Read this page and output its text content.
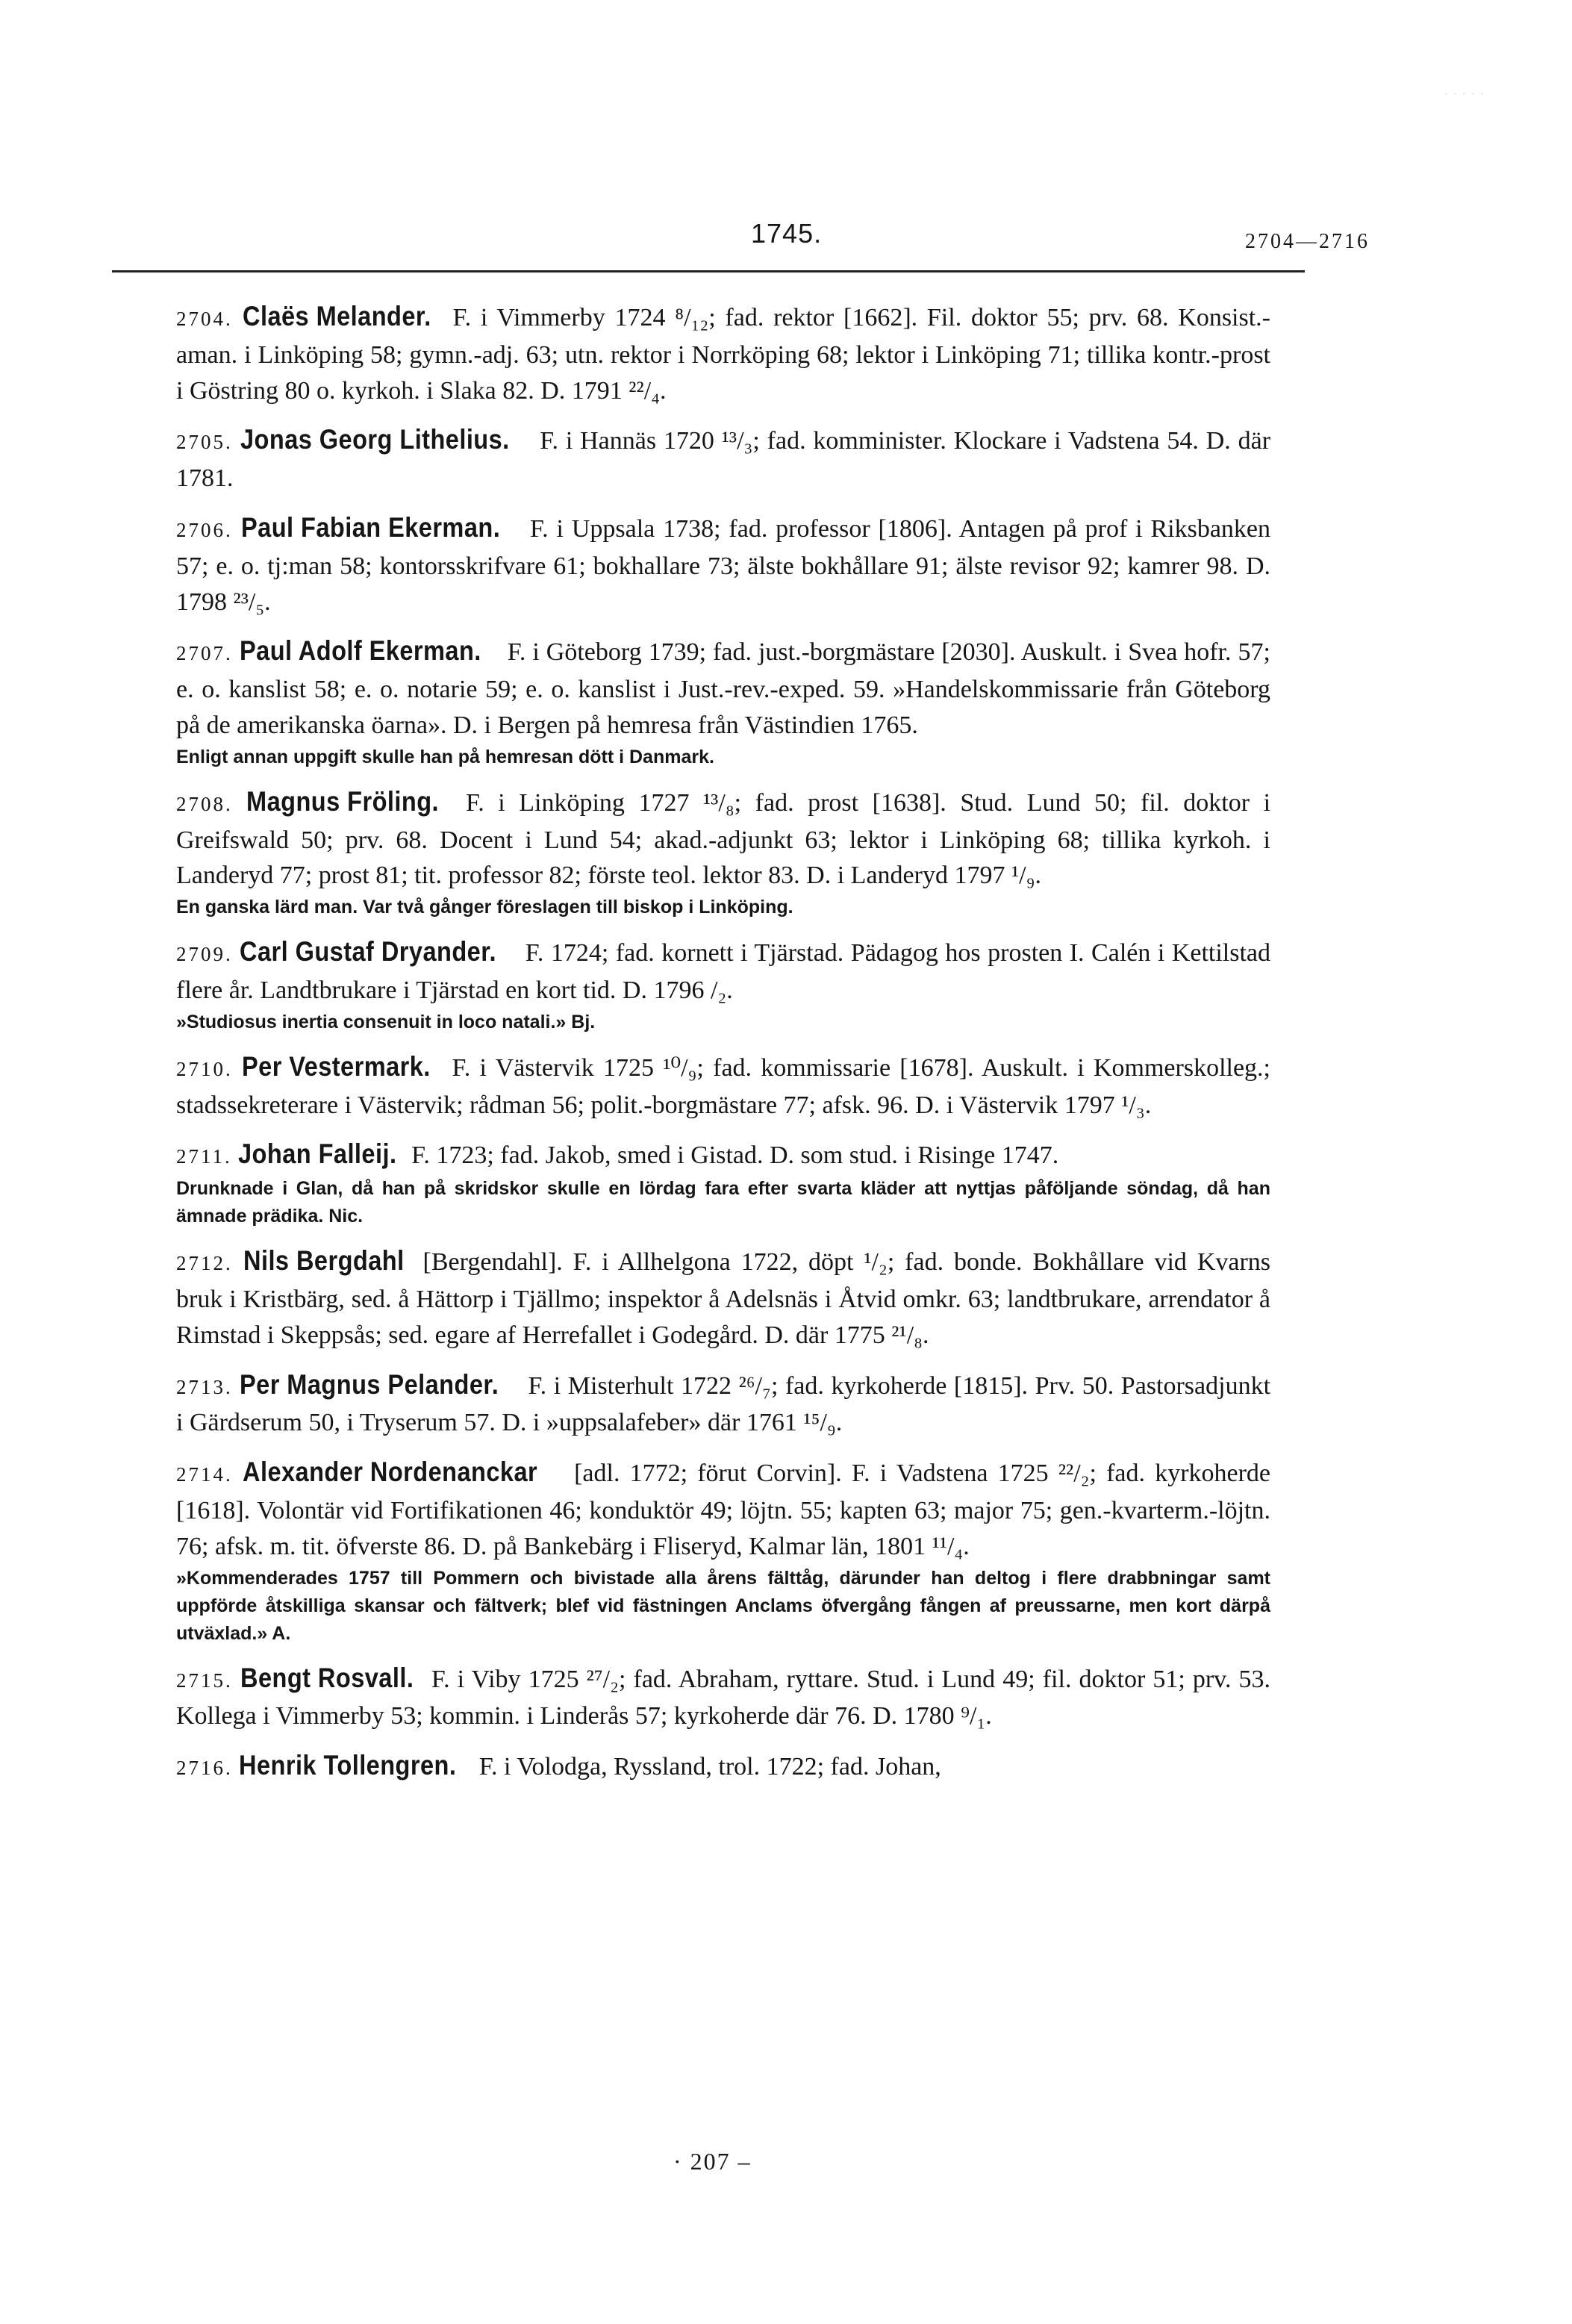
- - - - -
1745.	2704—2716

2704. Claës Melander. F. i Vimmerby 1724 ⁸/₁₂; fad. rektor [1662]. Fil. doktor 55; prv. 68. Konsist.-aman. i Linköping 58; gymn.-adj. 63; utn. rektor i Norrköping 68; lektor i Linköping 71; tillika kontr.-prost i Göstring 80 o. kyrkoh. i Slaka 82. D. 1791 ²²/₄.

2705. Jonas Georg Lithelius. F. i Hannäs 1720 ¹³/₃; fad. komminister. Klockare i Vadstena 54. D. där 1781.

2706. Paul Fabian Ekerman. F. i Uppsala 1738; fad. professor [1806]. Antagen på prof i Riksbanken 57; e. o. tj:man 58; kontorsskrifvare 61; bokhallare 73; älste bokhållare 91; älste revisor 92; kamrer 98. D. 1798 ²³/₅.

2707. Paul Adolf Ekerman. F. i Göteborg 1739; fad. just.-borgmästare [2030]. Auskult. i Svea hofr. 57; e. o. kanslist 58; e. o. notarie 59; e. o. kanslist i Just.-rev.-exped. 59. »Handelskommissarie från Göteborg på de amerikanska öarna». D. i Bergen på hemresa från Västindien 1765.

Enligt annan uppgift skulle han på hemresan dött i Danmark.

2708. Magnus Fröling. F. i Linköping 1727 ¹³/₈; fad. prost [1638]. Stud. Lund 50; fil. doktor i Greifswald 50; prv. 68. Docent i Lund 54; akad.-adjunkt 63; lektor i Linköping 68; tillika kyrkoh. i Landeryd 77; prost 81; tit. professor 82; förste teol. lektor 83. D. i Landeryd 1797 ¹/₉.

En ganska lärd man. Var två gånger föreslagen till biskop i Linköping.

2709. Carl Gustaf Dryander. F. 1724; fad. kornett i Tjärstad. Pädagog hos prosten I. Calén i Kettilstad flere år. Landtbrukare i Tjärstad en kort tid. D. 1796 /₂.

»Studiosus inertia consenuit in loco natali.» Bj.

2710. Per Vestermark. F. i Västervik 1725 ¹⁰/₉; fad. kommissarie [1678]. Auskult. i Kommerskolleg.; stadssekreterare i Västervik; rådman 56; polit.-borgmästare 77; afsk. 96. D. i Västervik 1797 ¹/₃.

2711. Johan Falleij. F. 1723; fad. Jakob, smed i Gistad. D. som stud. i Risinge 1747.

Drunknade i Glan, då han på skridskor skulle en lördag fara efter svarta kläder att nyttjas påföljande söndag, då han ämnade prädika. Nic.

2712. Nils Bergdahl [Bergendahl]. F. i Allhelgona 1722, döpt ¹/₂; fad. bonde. Bokhållare vid Kvarns bruk i Kristbärg, sed. å Hättorp i Tjällmo; inspektor å Adelsnäs i Åtvid omkr. 63; landtbrukare, arrendator å Rimstad i Skeppsås; sed. egare af Herrefallet i Godegård. D. där 1775 ²¹/₈.

2713. Per Magnus Pelander. F. i Misterhult 1722 ²⁶/₇; fad. kyrkoherde [1815]. Prv. 50. Pastorsadjunkt i Gärdserum 50, i Tryserum 57. D. i »uppsalafeber» där 1761 ¹⁵/₉.

2714. Alexander Nordenanckar [adl. 1772; förut Corvin]. F. i Vadstena 1725 ²²/₂; fad. kyrkoherde [1618]. Volontär vid Fortifikationen 46; konduktör 49; löjtn. 55; kapten 63; major 75; gen.-kvarterm.-löjtn. 76; afsk. m. tit. öfverste 86. D. på Bankebärg i Fliseryd, Kalmar län, 1801 ¹¹/₄.

»Kommenderades 1757 till Pommern och bivistade alla årens fälttåg, därunder han deltog i flere drabbningar samt uppförde åtskilliga skansar och fältverk; blef vid fästningen Anclams öfvergång fången af preussarne, men kort därpå utväxlad.» A.

2715. Bengt Rosvall. F. i Viby 1725 ²⁷/₂; fad. Abraham, ryttare. Stud. i Lund 49; fil. doktor 51; prv. 53. Kollega i Vimmerby 53; kommin. i Linderås 57; kyrkoherde där 76. D. 1780 ⁹/₁.

2716. Henrik Tollengren. F. i Volodga, Ryssland, trol. 1722; fad. Johan,

· 207 –
